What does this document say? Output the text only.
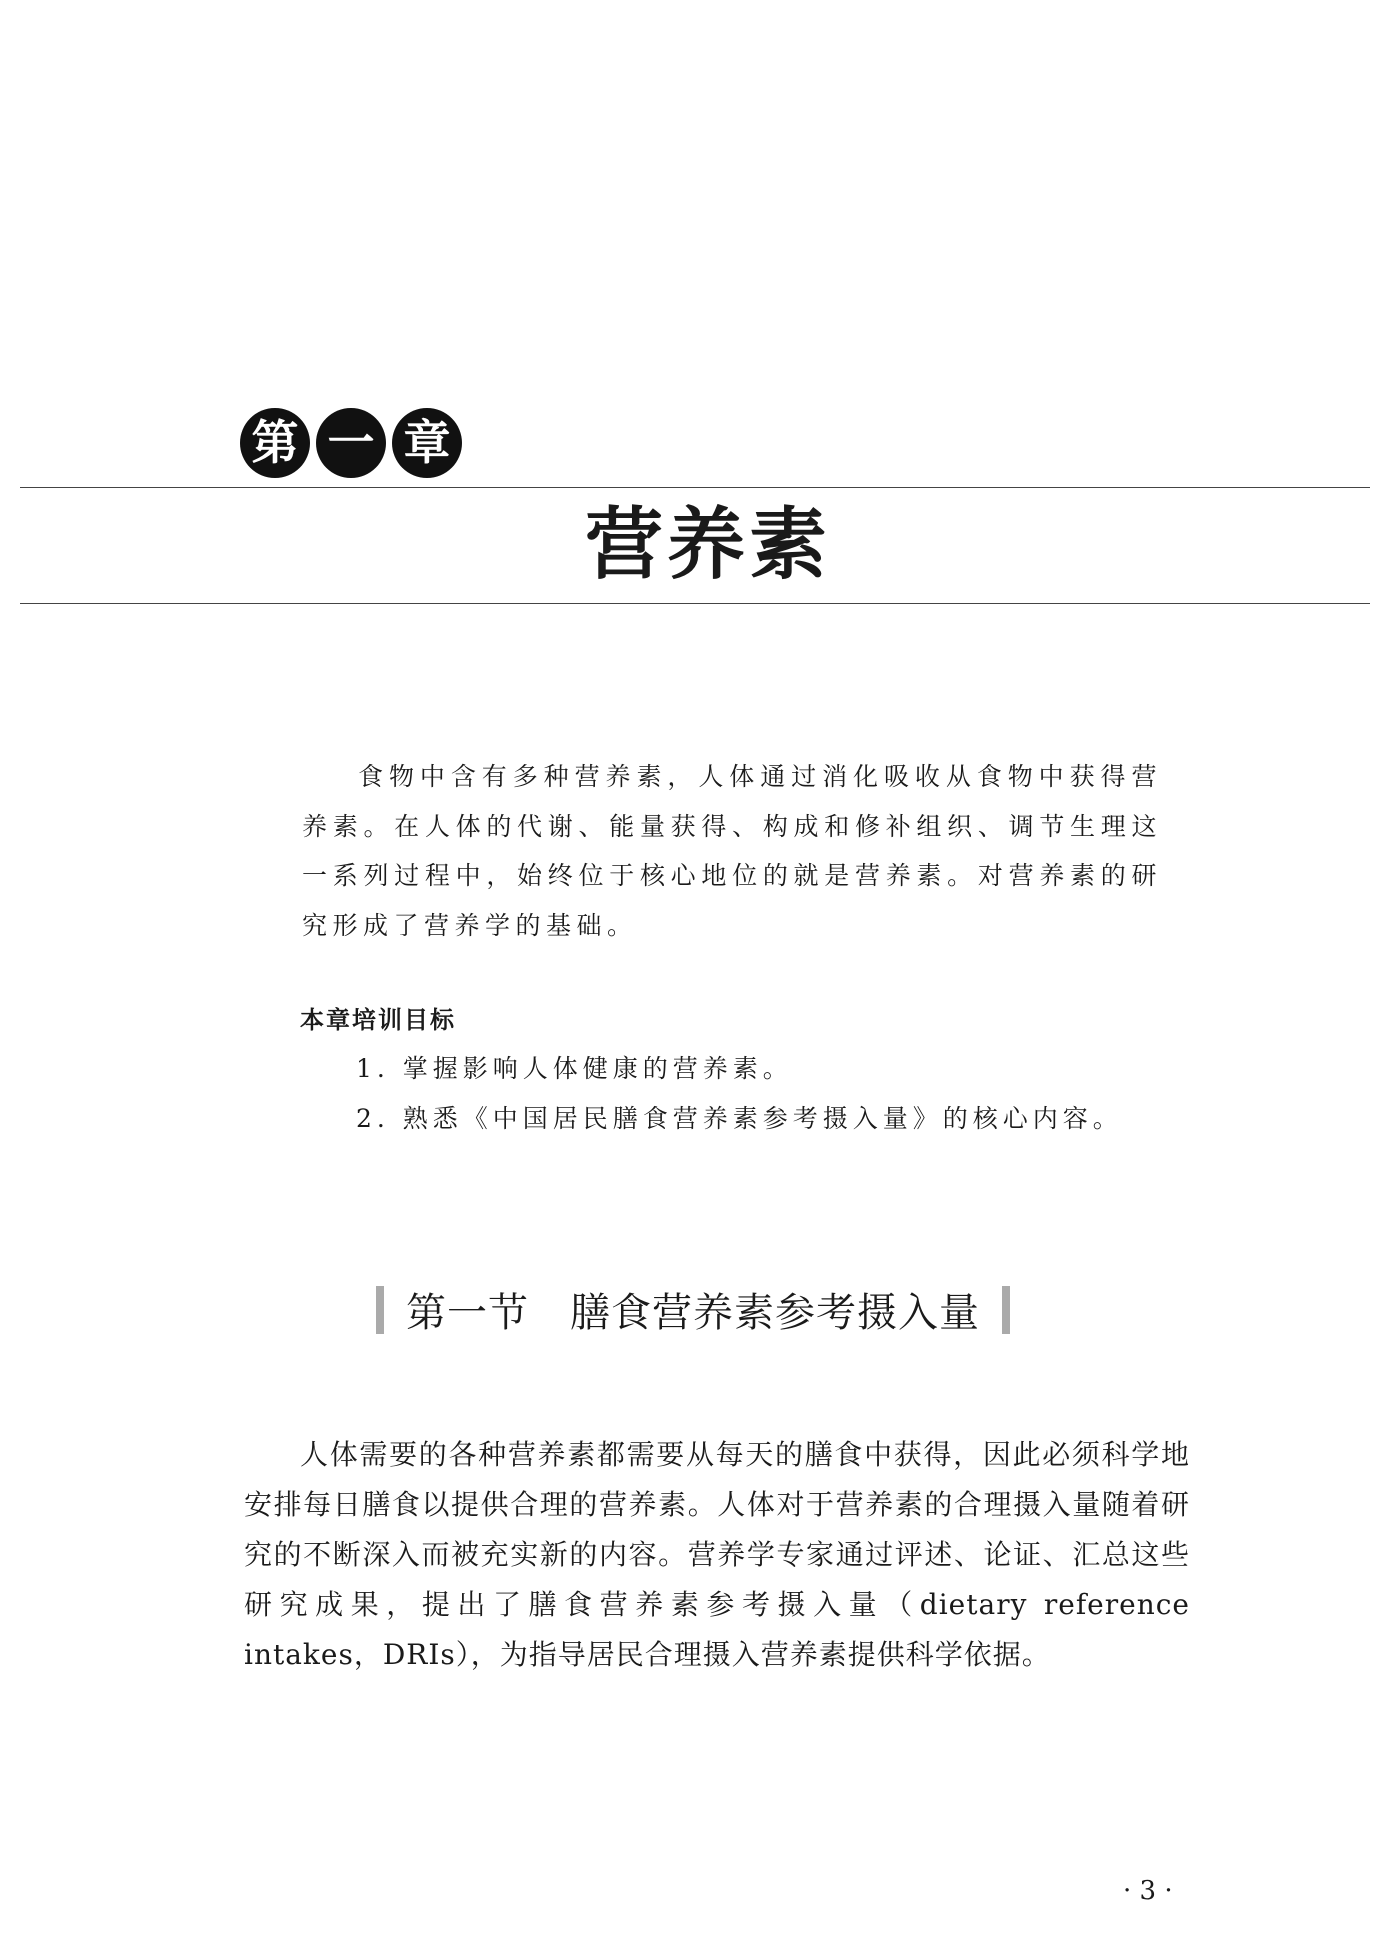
第 一 章
营养素

食物中含有多种营养素，人体通过消化吸收从食物中获得营养素。在人体的代谢、能量获得、构成和修补组织、调节生理这一系列过程中，始终位于核心地位的就是营养素。对营养素的研究形成了营养学的基础。

本章培训目标
1. 掌握影响人体健康的营养素。
2. 熟悉《中国居民膳食营养素参考摄入量》的核心内容。
第一节　膳食营养素参考摄入量

人体需要的各种营养素都需要从每天的膳食中获得，因此必须科学地安排每日膳食以提供合理的营养素。人体对于营养素的合理摄入量随着研究的不断深入而被充实新的内容。营养学专家通过评述、论证、汇总这些研究成果，提出了膳食营养素参考摄入量（dietary reference intakes，DRIs），为指导居民合理摄入营养素提供科学依据。

· 3 ·
